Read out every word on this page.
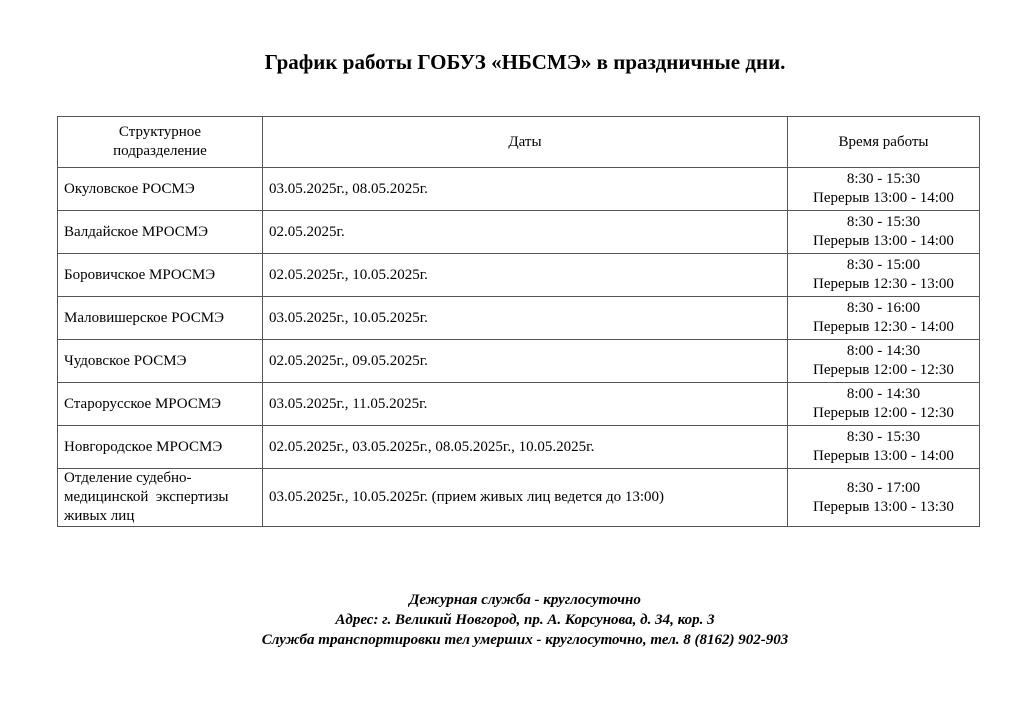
График работы ГОБУЗ «НБСМЭ» в праздничные дни.
Структурное
подразделение	Даты	Время работы
Окуловское РОСМЭ	03.05.2025г., 08.05.2025г.	8:30 - 15:30
Перерыв 13:00 - 14:00

Валдайское МРОСМЭ	02.05.2025г.	8:30 - 15:30
Перерыв 13:00 - 14:00

Боровичское МРОСМЭ	02.05.2025г., 10.05.2025г.	8:30 - 15:00
Перерыв 12:30 - 13:00

Маловишерское РОСМЭ	03.05.2025г., 10.05.2025г.	8:30 - 16:00
Перерыв 12:30 - 14:00

Чудовское РОСМЭ	02.05.2025г., 09.05.2025г.	8:00 - 14:30
Перерыв 12:00 - 12:30

Старорусское МРОСМЭ	03.05.2025г., 11.05.2025г.	8:00 - 14:30
Перерыв 12:00 - 12:30

Новгородское МРОСМЭ	02.05.2025г., 03.05.2025г., 08.05.2025г., 10.05.2025г.	8:30 - 15:30
Перерыв 13:00 - 14:00

Отделение судебно-
медицинской  экспертизы
живых лиц	03.05.2025г., 10.05.2025г. (прием живых лиц ведется до 13:00)	8:30 - 17:00
Перерыв 13:00 - 13:30
Дежурная служба - круглосуточно
Адрес: г. Великий Новгород, пр. А. Корсунова, д. 34, кор. 3
Служба транспортировки тел умерших - круглосуточно, тел. 8 (8162) 902-903
